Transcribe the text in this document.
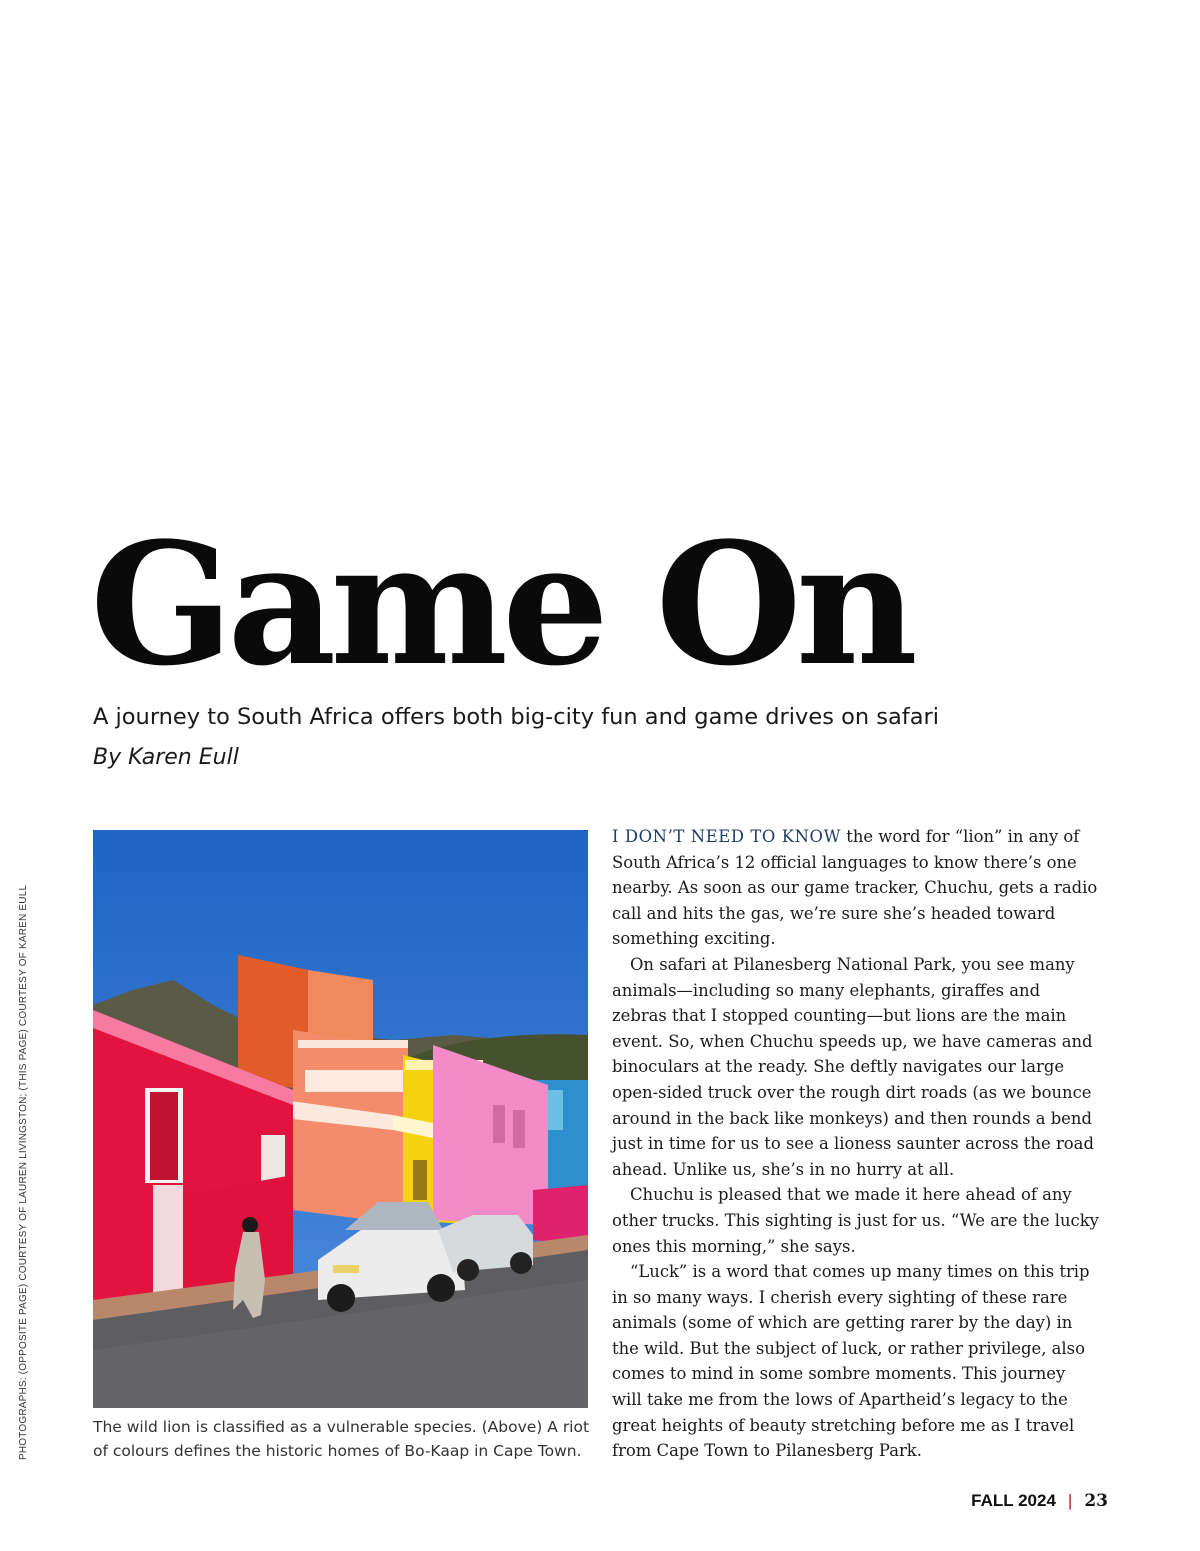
PHOTOGRAPHS: (OPPOSITE PAGE) COURTESY OF LAUREN LIVINGSTON; (THIS PAGE) COURTESY OF KAREN EULL
Game On

A journey to South Africa offers both big-city fun and game drives on safari

By Karen Eull

The wild lion is classified as a vulnerable species. (Above) A riot of colours defines the historic homes of Bo-Kaap in Cape Town.

I DON’T NEED TO KNOW the word for “lion” in any of South Africa’s 12 official languages to know there’s one nearby. As soon as our game tracker, Chuchu, gets a radio call and hits the gas, we’re sure she’s headed toward something exciting.

On safari at Pilanesberg National Park, you see many animals—including so many elephants, giraffes and zebras that I stopped counting—but lions are the main event. So, when Chuchu speeds up, we have cameras and binoculars at the ready. She deftly navigates our large open-sided truck over the rough dirt roads (as we bounce around in the back like monkeys) and then rounds a bend just in time for us to see a lioness saunter across the road ahead. Unlike us, she’s in no hurry at all.

Chuchu is pleased that we made it here ahead of any other trucks. This sighting is just for us. “We are the lucky ones this morning,” she says.

“Luck” is a word that comes up many times on this trip in so many ways. I cherish every sighting of these rare animals (some of which are getting rarer by the day) in the wild. But the subject of luck, or rather privilege, also comes to mind in some sombre moments. This journey will take me from the lows of Apartheid’s legacy to the great heights of beauty stretching before me as I travel from Cape Town to Pilanesberg Park.

FALL 2024 | 23
